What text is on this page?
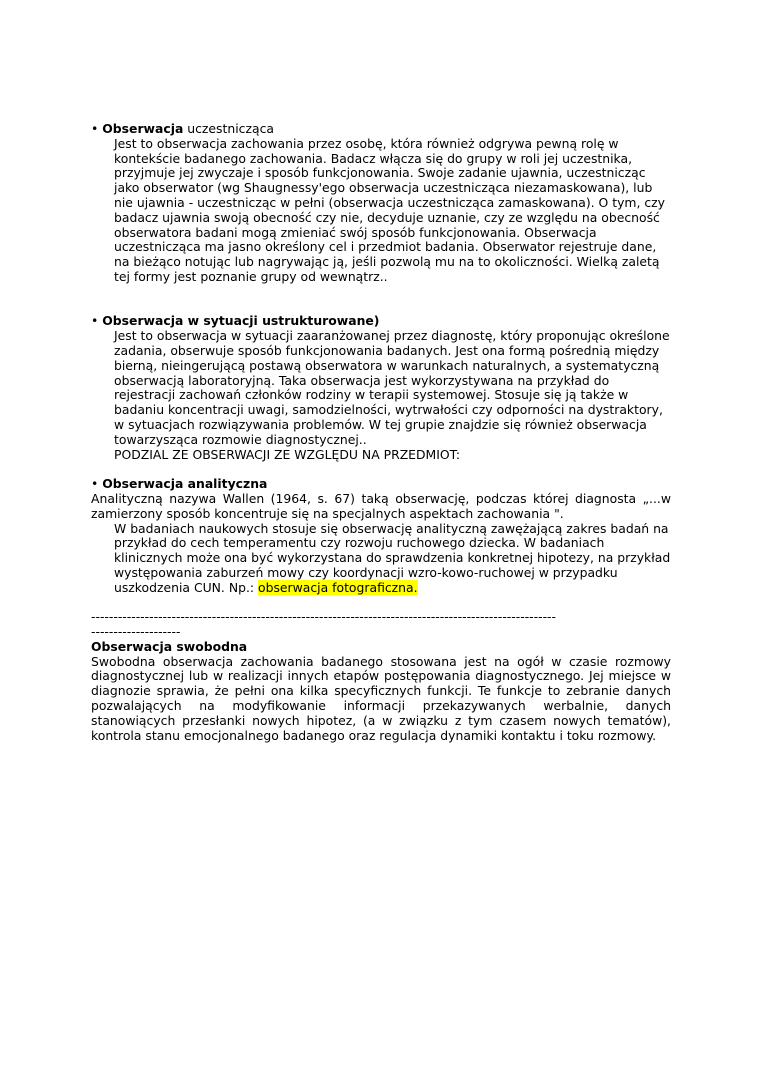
• Obserwacja uczestnicząca

Jest to obserwacja zachowania przez osobę, która również odgrywa pewną rolę w kontekście badanego zachowania. Badacz włącza się do grupy w roli jej uczestnika, przyjmuje jej zwyczaje i sposób funkcjonowania. Swoje zadanie ujawnia, uczestnicząc jako obserwator (wg Shaugnessy'ego obserwacja uczestnicząca niezamaskowana), lub nie ujawnia - uczestnicząc w pełni (obserwacja uczestnicząca zamaskowana). O tym, czy badacz ujawnia swoją obecność czy nie, decyduje uznanie, czy ze względu na obecność obserwatora badani mogą zmieniać swój sposób funkcjonowania. Obserwacja uczestnicząca ma jasno określony cel i przedmiot badania. Obserwator rejestruje dane, na bieżąco notując lub nagrywając ją, jeśli pozwolą mu na to okoliczności. Wielką zaletą tej formy jest poznanie grupy od wewnątrz..

• Obserwacja w sytuacji ustrukturowane)

Jest to obserwacja w sytuacji zaaranżowanej przez diagnostę, który proponując określone zadania, obserwuje sposób funkcjonowania badanych. Jest ona formą pośrednią między bierną, nieingerującą postawą obserwatora w warunkach naturalnych, a systematyczną obserwacją laboratoryjną. Taka obserwacja jest wykorzystywana na przykład do rejestracji zachowań członków rodziny w terapii systemowej. Stosuje się ją także w badaniu koncentracji uwagi, samodzielności, wytrwałości czy odporności na dystraktory, w sytuacjach rozwiązywania problemów. W tej grupie znajdzie się również obserwacja towarzysząca rozmowie diagnostycznej..

PODZIAL ZE OBSERWACJI ZE WZGLĘDU NA PRZEDMIOT:

• Obserwacja analityczna

Analityczną nazywa Wallen (1964, s. 67) taką obserwację, podczas której diagnosta „...w zamierzony sposób koncentruje się na specjalnych aspektach zachowania ".

W badaniach naukowych stosuje się obserwację analityczną zawężającą zakres badań na przykład do cech temperamentu czy rozwoju ruchowego dziecka. W badaniach klinicznych może ona być wykorzystana do sprawdzenia konkretnej hipotezy, na przykład występowania zaburzeń mowy czy koordynacji wzro-kowo-ruchowej w przypadku uszkodzenia CUN. Np.: obserwacja fotograficzna.

--------------------------------------------------------------------------------------------------------

--------------------

Obserwacja swobodna

Swobodna obserwacja zachowania badanego stosowana jest na ogół w czasie rozmowy diagnostycznej lub w realizacji innych etapów postępowania diagnostycznego. Jej miejsce w diagnozie sprawia, że pełni ona kilka specyficznych funkcji. Te funkcje to zebranie danych pozwalających na modyfikowanie informacji przekazywanych werbalnie, danych stanowiących przesłanki nowych hipotez, (a w związku z tym czasem nowych tematów), kontrola stanu emocjonalnego badanego oraz regulacja dynamiki kontaktu i toku rozmowy.
